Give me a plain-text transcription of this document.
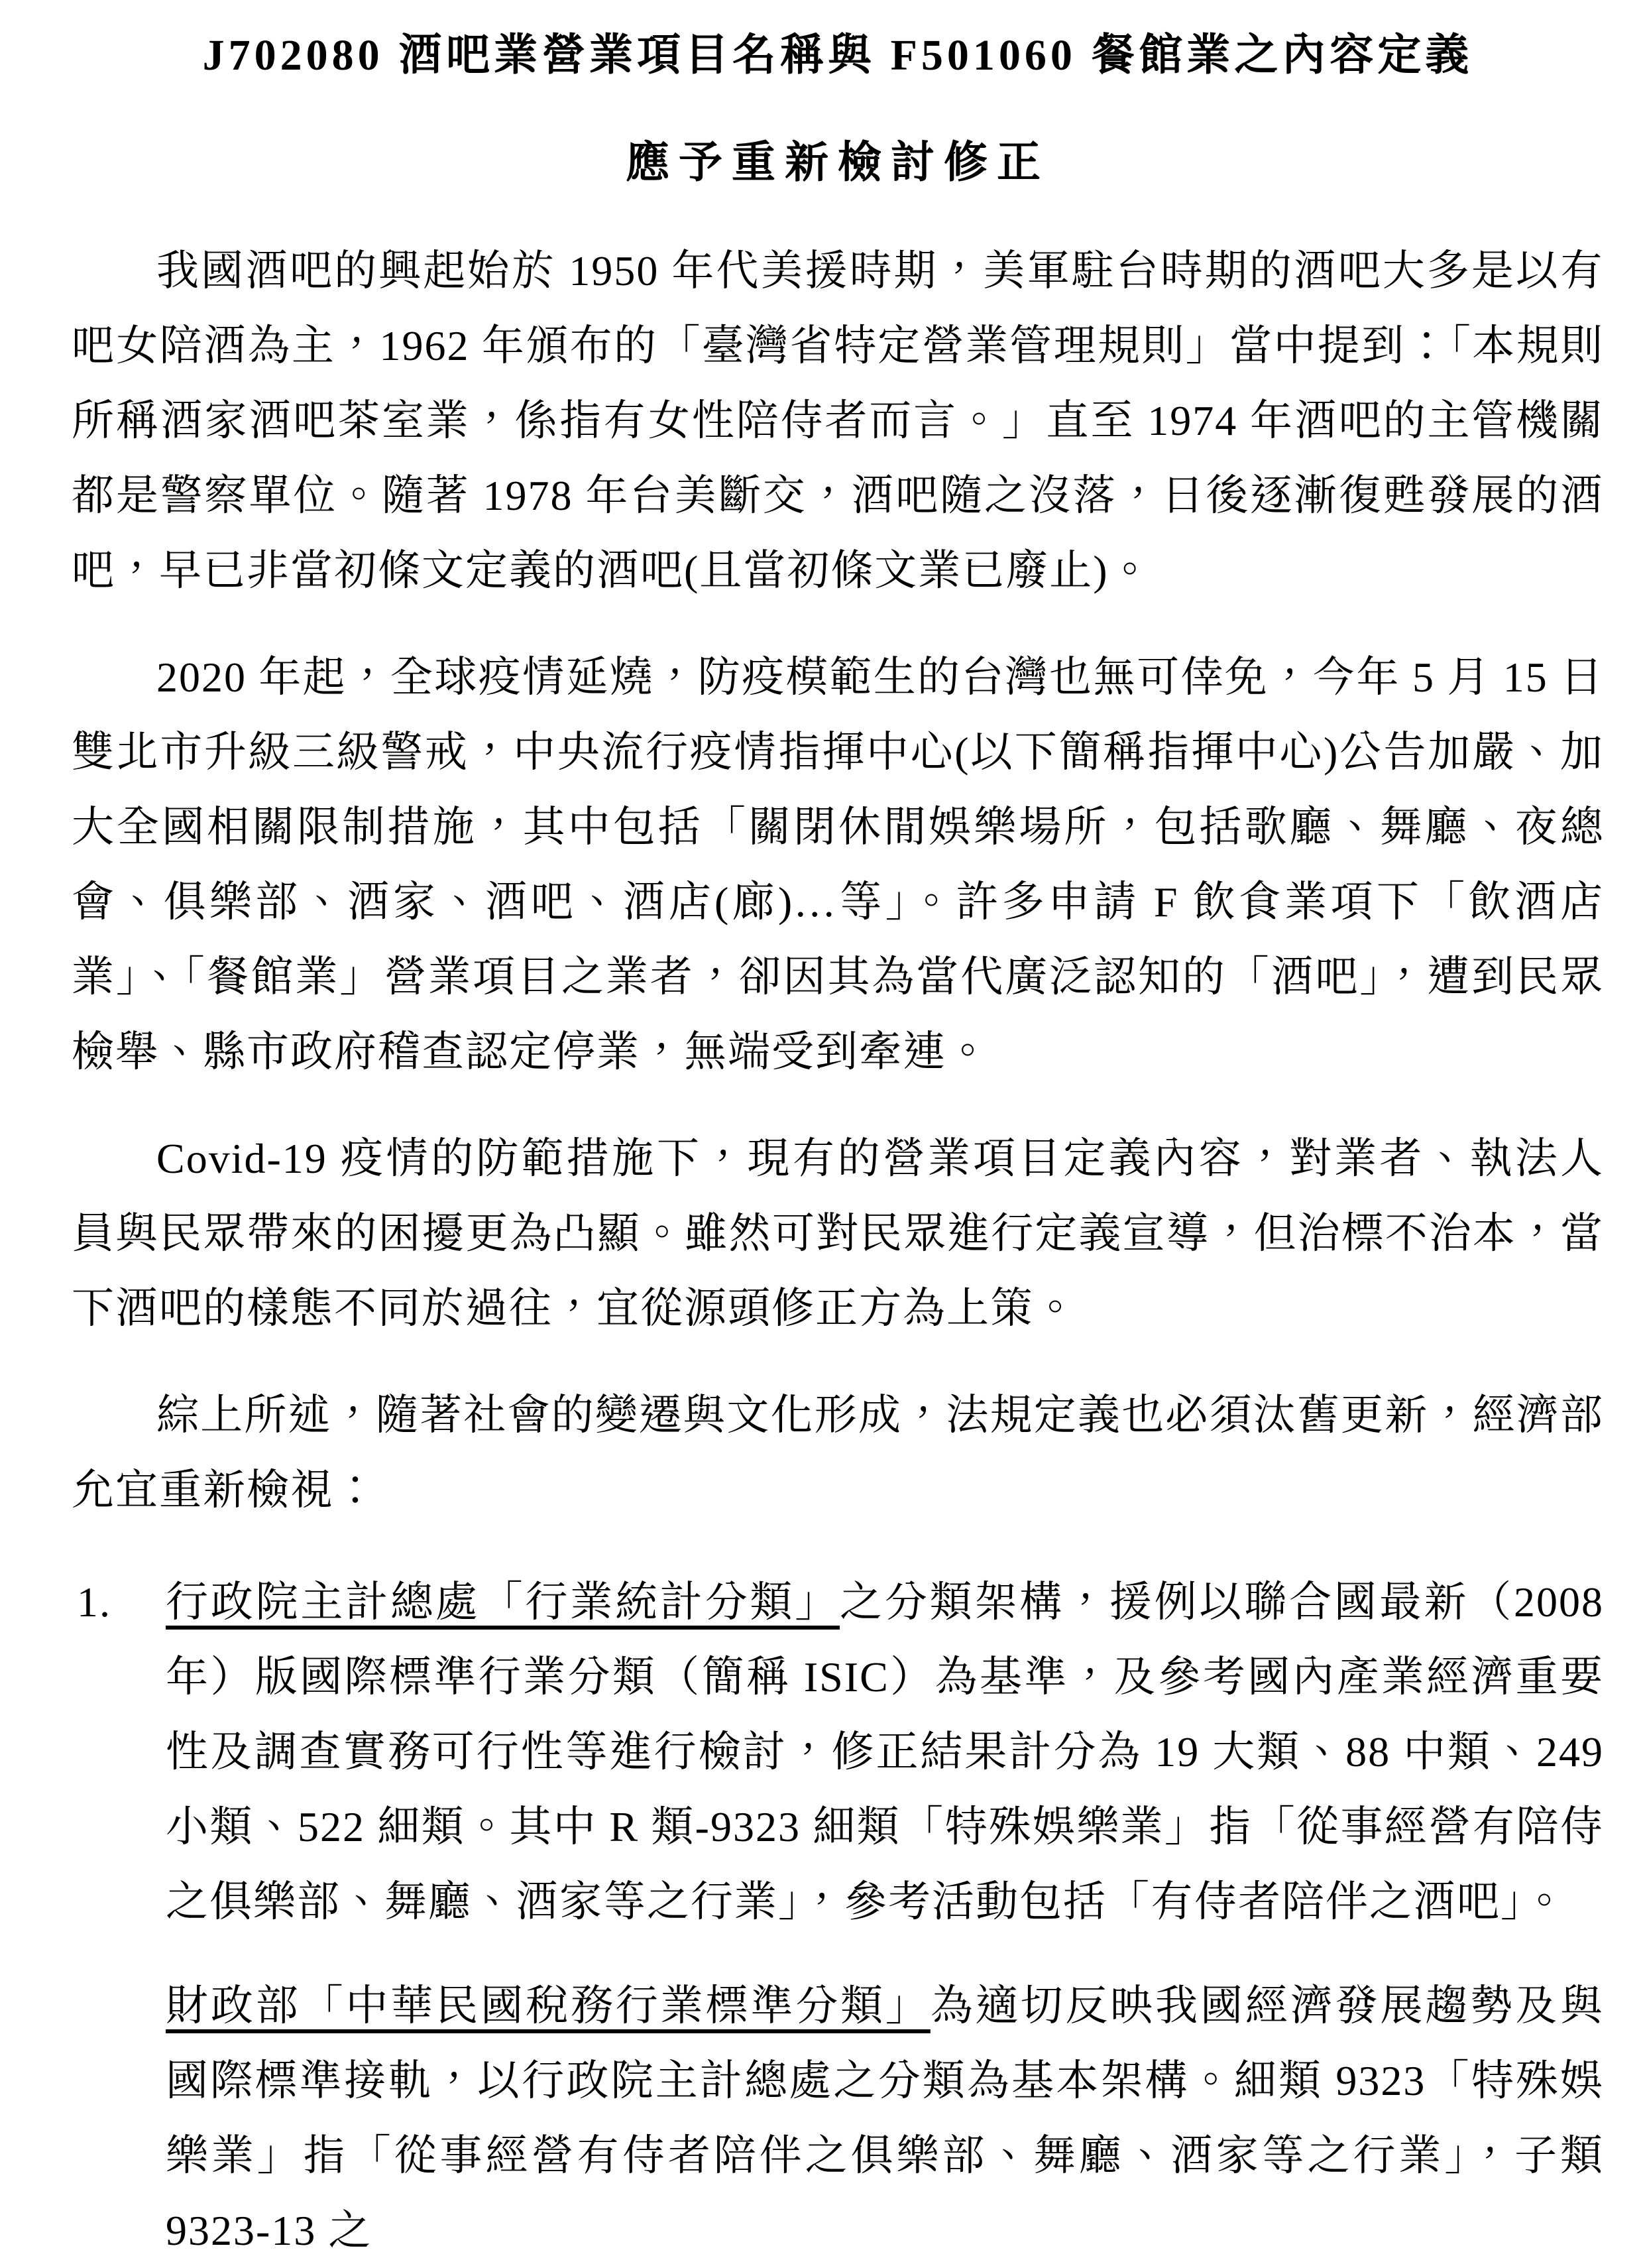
J702080 酒吧業營業項目名稱與 F501060 餐館業之內容定義
應予重新檢討修正

我國酒吧的興起始於 1950 年代美援時期，美軍駐台時期的酒吧大多是以有吧女陪酒為主，1962 年頒布的「臺灣省特定營業管理規則」當中提到：「本規則所稱酒家酒吧茶室業，係指有女性陪侍者而言。」直至 1974 年酒吧的主管機關都是警察單位。隨著 1978 年台美斷交，酒吧隨之沒落，日後逐漸復甦發展的酒吧，早已非當初條文定義的酒吧(且當初條文業已廢止)。

2020 年起，全球疫情延燒，防疫模範生的台灣也無可倖免，今年 5 月 15 日雙北市升級三級警戒，中央流行疫情指揮中心(以下簡稱指揮中心)公告加嚴、加大全國相關限制措施，其中包括「關閉休閒娛樂場所，包括歌廳、舞廳、夜總會、俱樂部、酒家、酒吧、酒店(廊)…等」。許多申請 F 飲食業項下「飲酒店業」、「餐館業」營業項目之業者，卻因其為當代廣泛認知的「酒吧」，遭到民眾檢舉、縣市政府稽查認定停業，無端受到牽連。

Covid-19 疫情的防範措施下，現有的營業項目定義內容，對業者、執法人員與民眾帶來的困擾更為凸顯。雖然可對民眾進行定義宣導，但治標不治本，當下酒吧的樣態不同於過往，宜從源頭修正方為上策。

綜上所述，隨著社會的變遷與文化形成，法規定義也必須汰舊更新，經濟部允宜重新檢視：

1. 行政院主計總處「行業統計分類」之分類架構，援例以聯合國最新（2008 年）版國際標準行業分類（簡稱 ISIC）為基準，及參考國內產業經濟重要性及調查實務可行性等進行檢討，修正結果計分為 19 大類、88 中類、249 小類、522 細類。其中 R 類-9323 細類「特殊娛樂業」指「從事經營有陪侍之俱樂部、舞廳、酒家等之行業」，參考活動包括「有侍者陪伴之酒吧」。
財政部「中華民國稅務行業標準分類」為適切反映我國經濟發展趨勢及與國際標準接軌，以行政院主計總處之分類為基本架構。細類 9323「特殊娛樂業」指「從事經營有侍者陪伴之俱樂部、舞廳、酒家等之行業」，子類 9323-13 之
